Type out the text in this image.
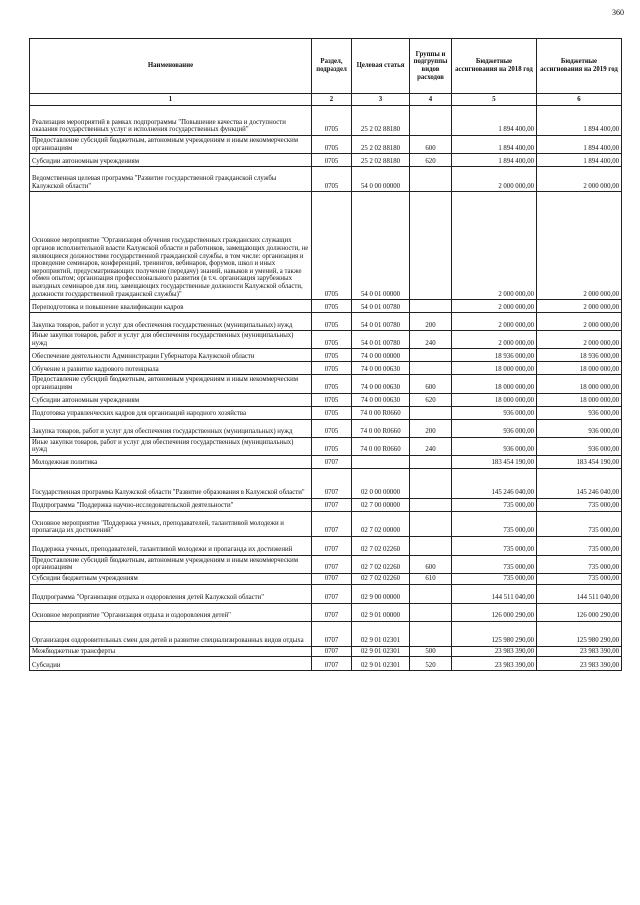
360
Наименование	Раздел, подраздел	Целевая статья	Группы и подгруппы видов расходов	Бюджетные ассигнования на 2018 год	Бюджетные ассигнования на 2019 год
1	2	3	4	5	6
Реализация мероприятий в рамках подпрограммы "Повышение качества и доступности оказания государственных услуг и исполнения государственных функций"	0705	25 2 02 88180		1 894 400,00	1 894 400,00
Предоставление субсидий бюджетным, автономным учреждениям и иным некоммерческим организациям	0705	25 2 02 88180	600	1 894 400,00	1 894 400,00
Субсидии автономным учреждениям	0705	25 2 02 88180	620	1 894 400,00	1 894 400,00
Ведомственная целевая программа "Развитие государственной гражданской службы Калужской области"	0705	54 0 00 00000		2 000 000,00	2 000 000,00
Основное мероприятие "Организация обучения государственных гражданских служащих органов исполнительной власти Калужской области и работников, замещающих должности, не являющиеся должностями государственной гражданской службы, в том числе: организация и проведение семинаров, конференций, тренингов, вебинаров, форумов, школ и иных мероприятий, предусматривающих получение (передачу) знаний, навыков и умений, а также обмен опытом; организация профессионального развития (в т.ч. организация зарубежных выездных семинаров для лиц, замещающих государственные должности Калужской области, должности государственной гражданской службы)"	0705	54 0 01 00000		2 000 000,00	2 000 000,00
Переподготовка и повышение квалификации кадров	0705	54 0 01 00780		2 000 000,00	2 000 000,00
Закупка товаров, работ и услуг для обеспечения государственных (муниципальных) нужд	0705	54 0 01 00780	200	2 000 000,00	2 000 000,00
Иные закупки товаров, работ и услуг для обеспечения государственных (муниципальных) нужд	0705	54 0 01 00780	240	2 000 000,00	2 000 000,00
Обеспечение деятельности Администрации Губернатора Калужской области	0705	74 0 00 00000		18 936 000,00	18 936 000,00
Обучение и развитие кадрового потенциала	0705	74 0 00 00630		18 000 000,00	18 000 000,00
Предоставление субсидий бюджетным, автономным учреждениям и иным некоммерческим организациям	0705	74 0 00 00630	600	18 000 000,00	18 000 000,00
Субсидии автономным учреждениям	0705	74 0 00 00630	620	18 000 000,00	18 000 000,00
Подготовка управленческих кадров для организаций народного хозяйства	0705	74 0 00 R0660		936 000,00	936 000,00
Закупка товаров, работ и услуг для обеспечения государственных (муниципальных) нужд	0705	74 0 00 R0660	200	936 000,00	936 000,00
Иные закупки товаров, работ и услуг для обеспечения государственных (муниципальных) нужд	0705	74 0 00 R0660	240	936 000,00	936 000,00
Молодежная политика	0707			183 454 190,00	183 454 190,00
Государственная программа Калужской области "Развитие образования в Калужской области"	0707	02 0 00 00000		145 246 040,00	145 246 040,00
Подпрограмма "Поддержка научно-исследовательской деятельности"	0707	02 7 00 00000		735 000,00	735 000,00
Основное мероприятие "Поддержка ученых, преподавателей, талантливой молодежи и пропаганда их достижений"	0707	02 7 02 00000		735 000,00	735 000,00
Поддержка ученых, преподавателей, талантливой молодежи и пропаганда их достижений	0707	02 7 02 02260		735 000,00	735 000,00
Предоставление субсидий бюджетным, автономным учреждениям и иным некоммерческим организациям	0707	02 7 02 02260	600	735 000,00	735 000,00
Субсидии бюджетным учреждениям	0707	02 7 02 02260	610	735 000,00	735 000,00
Подпрограмма "Организация отдыха и оздоровления детей Калужской области"	0707	02 9 00 00000		144 511 040,00	144 511 040,00
Основное мероприятие "Организация отдыха и оздоровления детей"	0707	02 9 01 00000		126 000 290,00	126 000 290,00
Организация оздоровительных смен для детей и развитие специализированных видов отдыха	0707	02 9 01 02301		125 980 290,00	125 980 290,00
Межбюджетные трансферты	0707	02 9 01 02301	500	23 983 390,00	23 983 390,00
Субсидии	0707	02 9 01 02301	520	23 983 390,00	23 983 390,00
